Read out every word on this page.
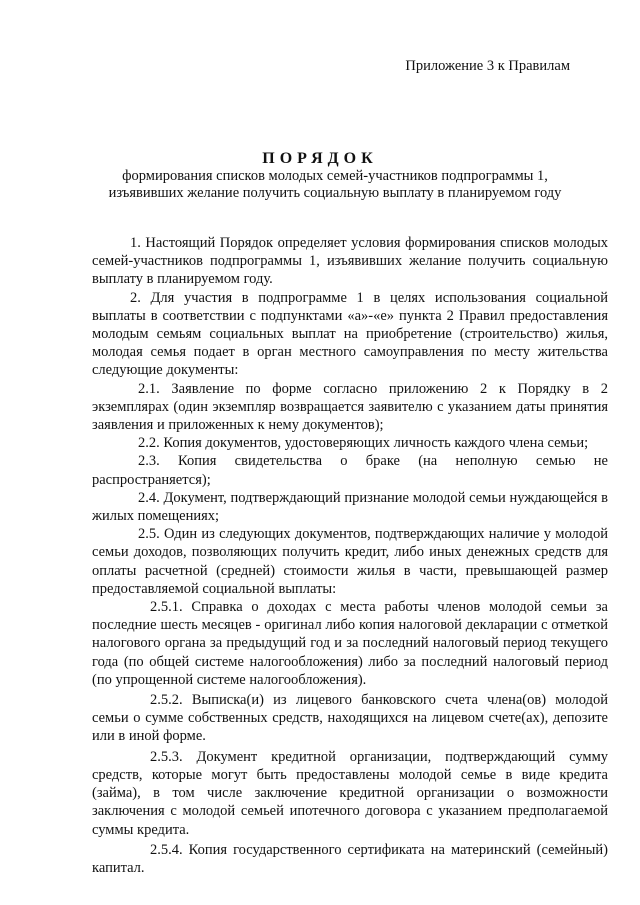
Приложение 3 к Правилам
ПОРЯДОК
формирования списков молодых семей-участников подпрограммы 1, изъявивших желание получить социальную выплату в планируемом году

1. Настоящий Порядок определяет условия формирования списков молодых семей-участников подпрограммы 1, изъявивших желание получить социальную выплату в планируемом году.

2. Для участия в подпрограмме 1 в целях использования социальной выплаты в соответствии с подпунктами «а»-«е» пункта 2 Правил предоставления молодым семьям социальных выплат на приобретение (строительство) жилья, молодая семья подает в орган местного самоуправления по месту жительства следующие документы:

2.1. Заявление по форме согласно приложению 2 к Порядку в 2 экземплярах (один экземпляр возвращается заявителю с указанием даты принятия заявления и приложенных к нему документов);

2.2. Копия документов, удостоверяющих личность каждого члена семьи;

2.3. Копия свидетельства о браке (на неполную семью не распространяется);

2.4. Документ, подтверждающий признание молодой семьи нуждающейся в жилых помещениях;

2.5. Один из следующих документов, подтверждающих наличие у молодой семьи доходов, позволяющих получить кредит, либо иных денежных средств для оплаты расчетной (средней) стоимости жилья в части, превышающей размер предоставляемой социальной выплаты:

2.5.1. Справка о доходах с места работы членов молодой семьи за последние шесть месяцев - оригинал либо копия налоговой декларации с отметкой налогового органа за предыдущий год и за последний налоговый период текущего года (по общей системе налогообложения) либо за последний налоговый период (по упрощенной системе налогообложения).

2.5.2. Выписка(и) из лицевого банковского счета члена(ов) молодой семьи о сумме собственных средств, находящихся на лицевом счете(ах), депозите или в иной форме.

2.5.3. Документ кредитной организации, подтверждающий сумму средств, которые могут быть предоставлены молодой семье в виде кредита (займа), в том числе заключение кредитной организации о возможности заключения с молодой семьей ипотечного договора с указанием предполагаемой суммы кредита.

2.5.4. Копия государственного сертификата на материнский (семейный) капитал.
